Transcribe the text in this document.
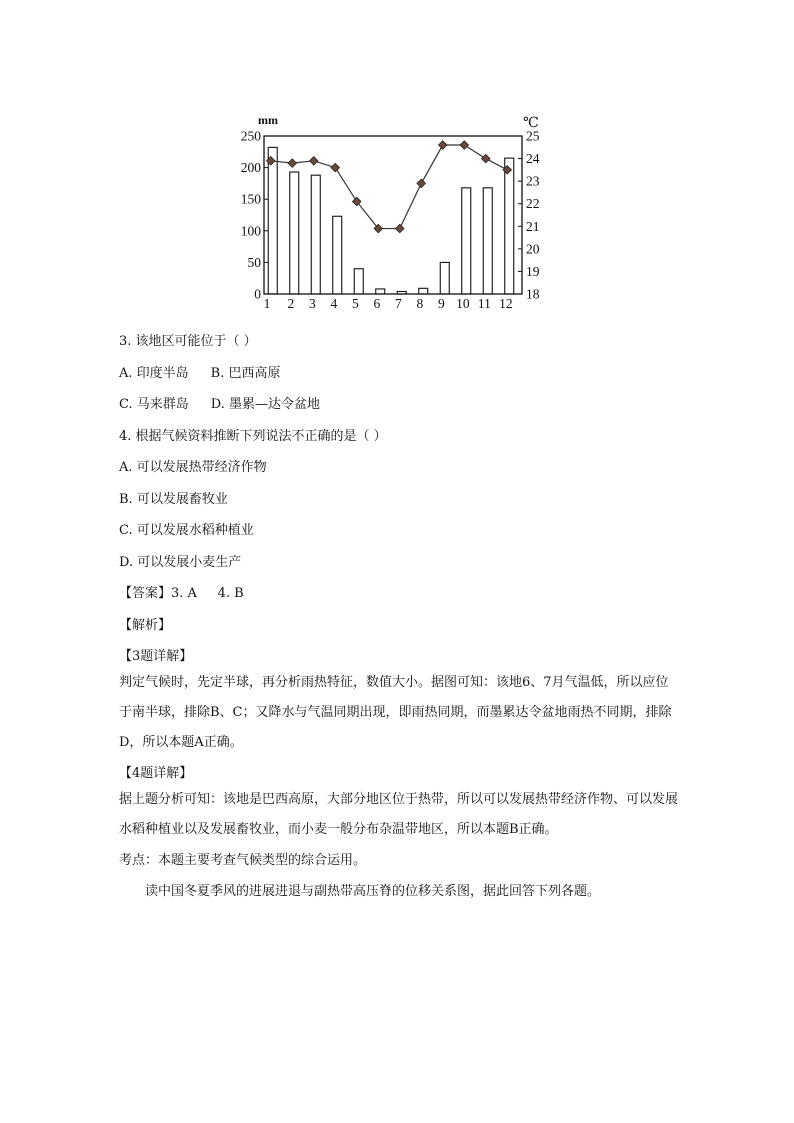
mm	℃
0
50
100
150
200
250
18
19
20
21
22
23
24
25
1 2 3 4 5 6 7 8 9 10 11 12

3. 该地区可能位于（ ）

A. 印度半岛 B. 巴西高原

C. 马来群岛 D. 墨累—达令盆地

4. 根据气候资料推断下列说法不正确的是（ ）

A. 可以发展热带经济作物

B. 可以发展畜牧业

C. 可以发展水稻种植业

D. 可以发展小麦生产

【答案】3. A     4. B

【解析】

【3题详解】

判定气候时，先定半球，再分析雨热特征，数值大小。据图可知：该地6、7月气温低，所以应位于南半球，排除B、C；又降水与气温同期出现，即雨热同期，而墨累达令盆地雨热不同期，排除D，所以本题A正确。

【4题详解】

据上题分析可知：该地是巴西高原，大部分地区位于热带，所以可以发展热带经济作物、可以发展水稻种植业以及发展畜牧业，而小麦一般分布杂温带地区，所以本题B正确。

考点：本题主要考查气候类型的综合运用。

读中国冬夏季风的进展进退与副热带高压脊的位移关系图，据此回答下列各题。
